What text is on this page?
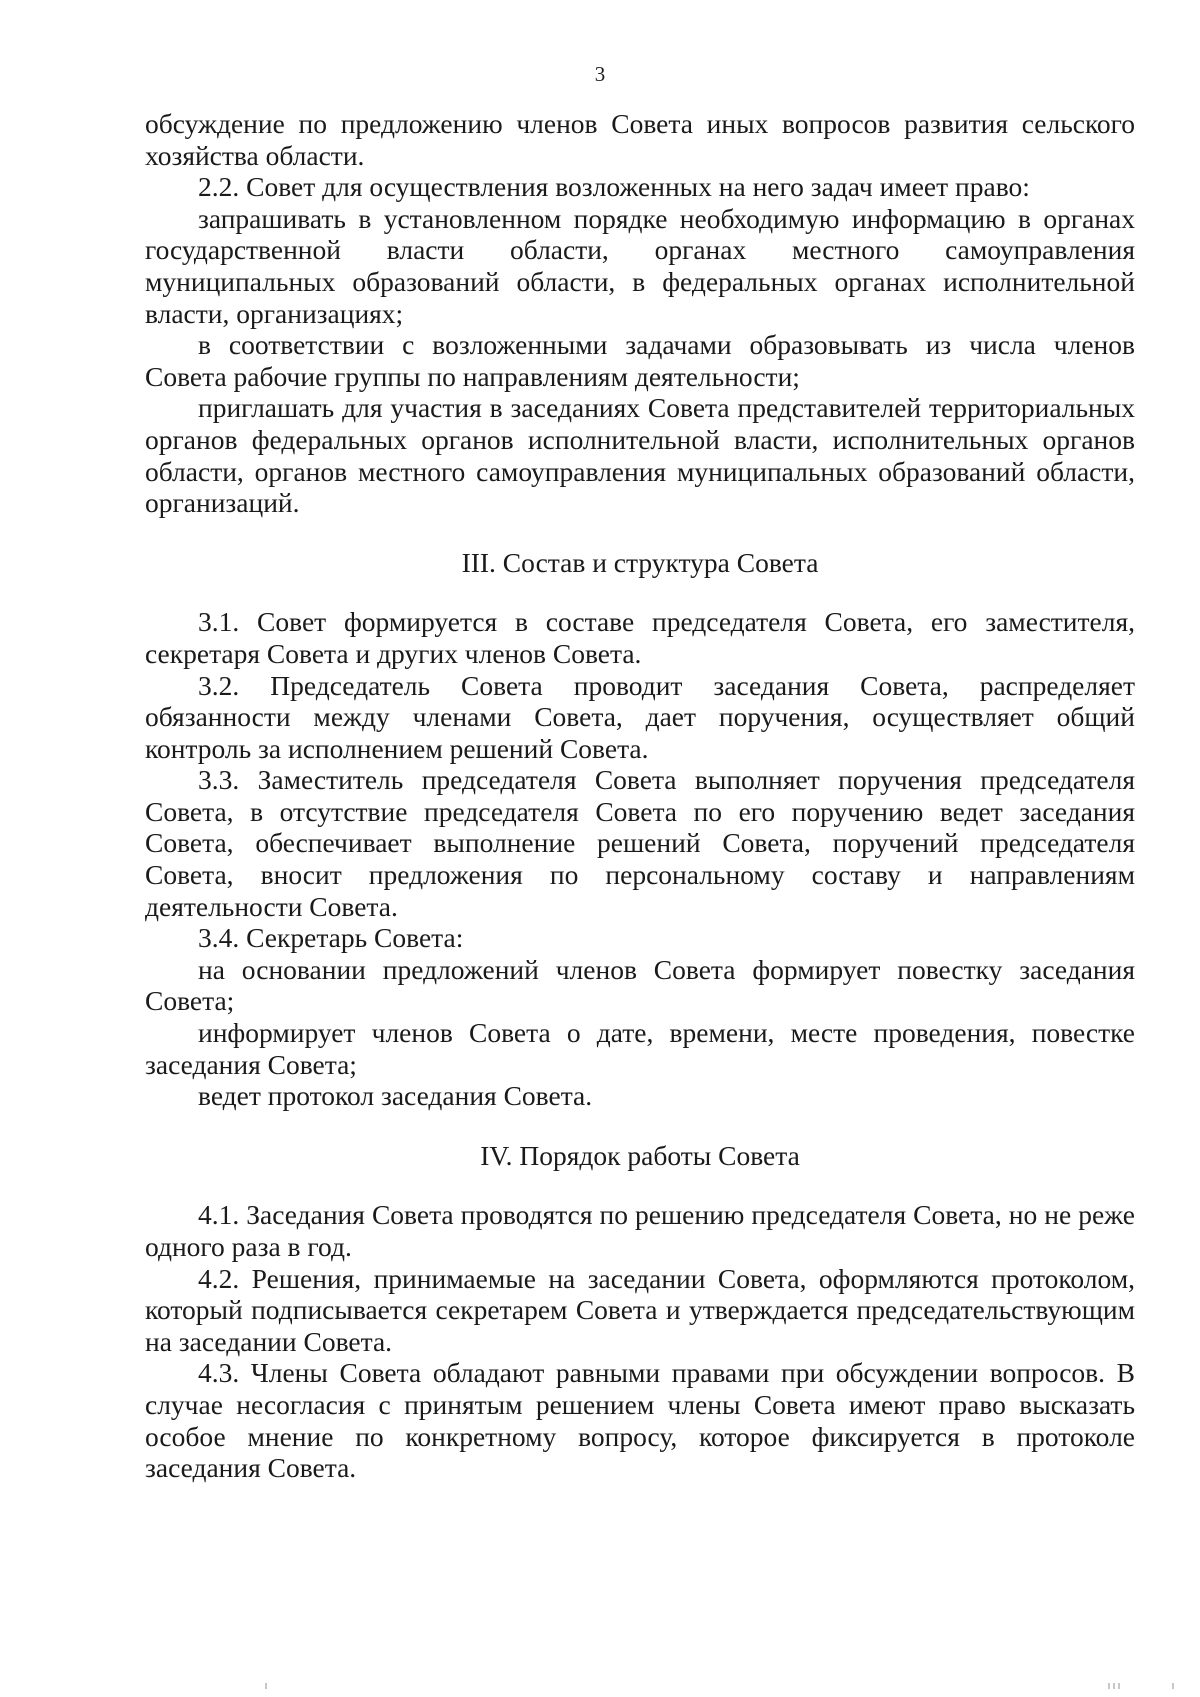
3

обсуждение по предложению членов Совета иных вопросов развития сельского хозяйства области.

2.2. Совет для осуществления возложенных на него задач имеет право:

запрашивать в установленном порядке необходимую информацию в органах государственной власти области, органах местного самоуправления муниципальных образований области, в федеральных органах исполнительной власти, организациях;

в соответствии с возложенными задачами образовывать из числа членов Совета рабочие группы по направлениям деятельности;

приглашать для участия в заседаниях Совета представителей территориальных органов федеральных органов исполнительной власти, исполнительных органов области, органов местного самоуправления муниципальных образований области, организаций.

III. Состав и структура Совета

3.1. Совет формируется в составе председателя Совета, его заместителя, секретаря Совета и других членов Совета.

3.2. Председатель Совета проводит заседания Совета, распределяет обязанности между членами Совета, дает поручения, осуществляет общий контроль за исполнением решений Совета.

3.3. Заместитель председателя Совета выполняет поручения председателя Совета, в отсутствие председателя Совета по его поручению ведет заседания Совета, обеспечивает выполнение решений Совета, поручений председателя Совета, вносит предложения по персональному составу и направлениям деятельности Совета.

3.4. Секретарь Совета:

на основании предложений членов Совета формирует повестку заседания Совета;

информирует членов Совета о дате, времени, месте проведения, повестке заседания Совета;

ведет протокол заседания Совета.

IV. Порядок работы Совета

4.1. Заседания Совета проводятся по решению председателя Совета, но не реже одного раза в год.

4.2. Решения, принимаемые на заседании Совета, оформляются протоколом, который подписывается секретарем Совета и утверждается председательствующим на заседании Совета.

4.3. Члены Совета обладают равными правами при обсуждении вопросов. В случае несогласия с принятым решением члены Совета имеют право высказать особое мнение по конкретному вопросу, которое фиксируется в протоколе заседания Совета.
